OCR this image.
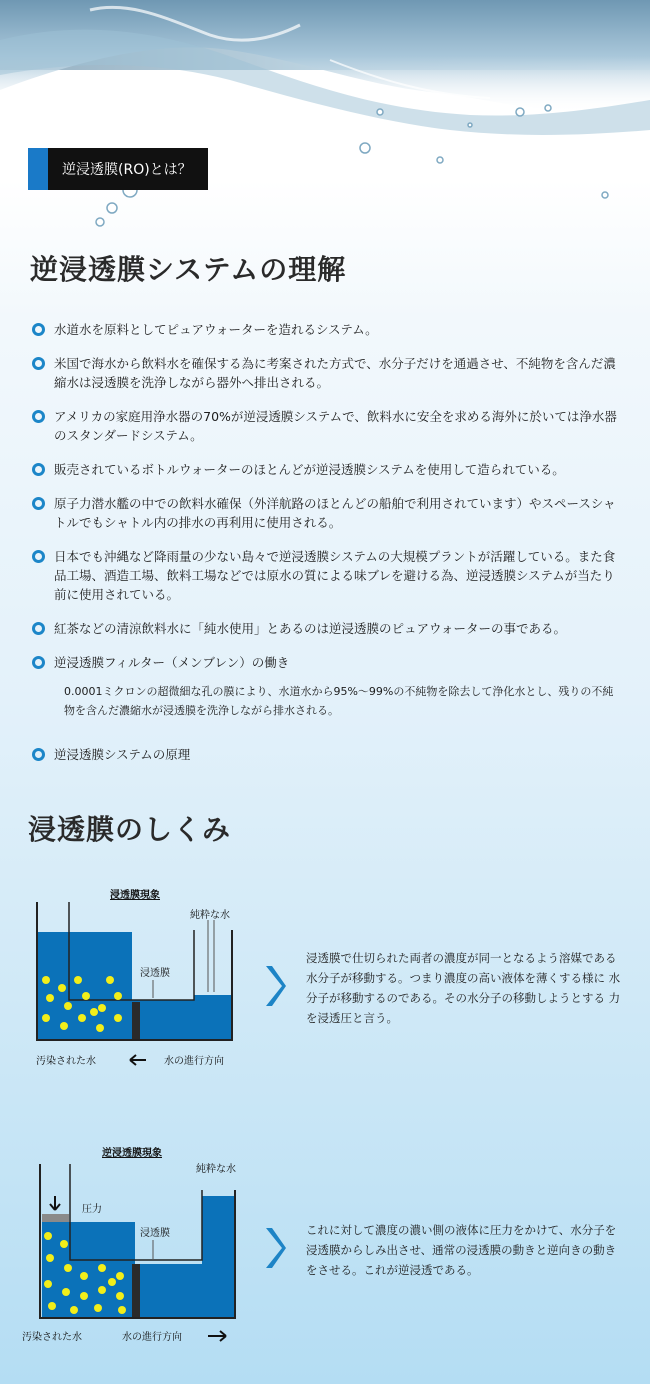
逆浸透膜(RO)とは？
逆浸透膜システムの理解
水道水を原料としてピュアウォーターを造れるシステム。
米国で海水から飲料水を確保する為に考案された方式で、水分子だけを通過させ、不純物を含んだ濃縮水は浸透膜を洗浄しながら器外へ排出される。
アメリカの家庭用浄水器の70%が逆浸透膜システムで、飲料水に安全を求める海外に於いては浄水器のスタンダードシステム。
販売されているボトルウォーターのほとんどが逆浸透膜システムを使用して造られている。
原子力潜水艦の中での飲料水確保（外洋航路のほとんどの船舶で利用されています）やスペースシャトルでもシャトル内の排水の再利用に使用される。
日本でも沖縄など降雨量の少ない島々で逆浸透膜システムの大規模プラントが活躍している。また食品工場、酒造工場、飲料工場などでは原水の質による味ブレを避ける為、逆浸透膜システムが当たり前に使用されている。
紅茶などの清涼飲料水に「純水使用」とあるのは逆浸透膜のピュアウォーターの事である。
逆浸透膜フィルター（メンブレン）の働き
0.0001ミクロンの超微細な孔の膜により、水道水から95%〜99%の不純物を除去して浄化水とし、残りの不純物を含んだ濃縮水が浸透膜を洗浄しながら排水される。
逆浸透膜システムの原理
浸透膜のしくみ
浸透膜現象
純粋な水
浸透膜
汚染された水	水の進行方向
浸透膜で仕切られた両者の濃度が同一となるよう溶媒である　水分子が移動する。つまり濃度の高い液体を薄くする様に 水分子が移動するのである。その水分子の移動しようとする 力を浸透圧と言う。
逆浸透膜現象
純粋な水
圧力
浸透膜
汚染された水	水の進行方向
これに対して濃度の濃い側の液体に圧力をかけて、水分子を浸透膜からしみ出させ、通常の浸透膜の動きと逆向きの動きをさせる。これが逆浸透である。
